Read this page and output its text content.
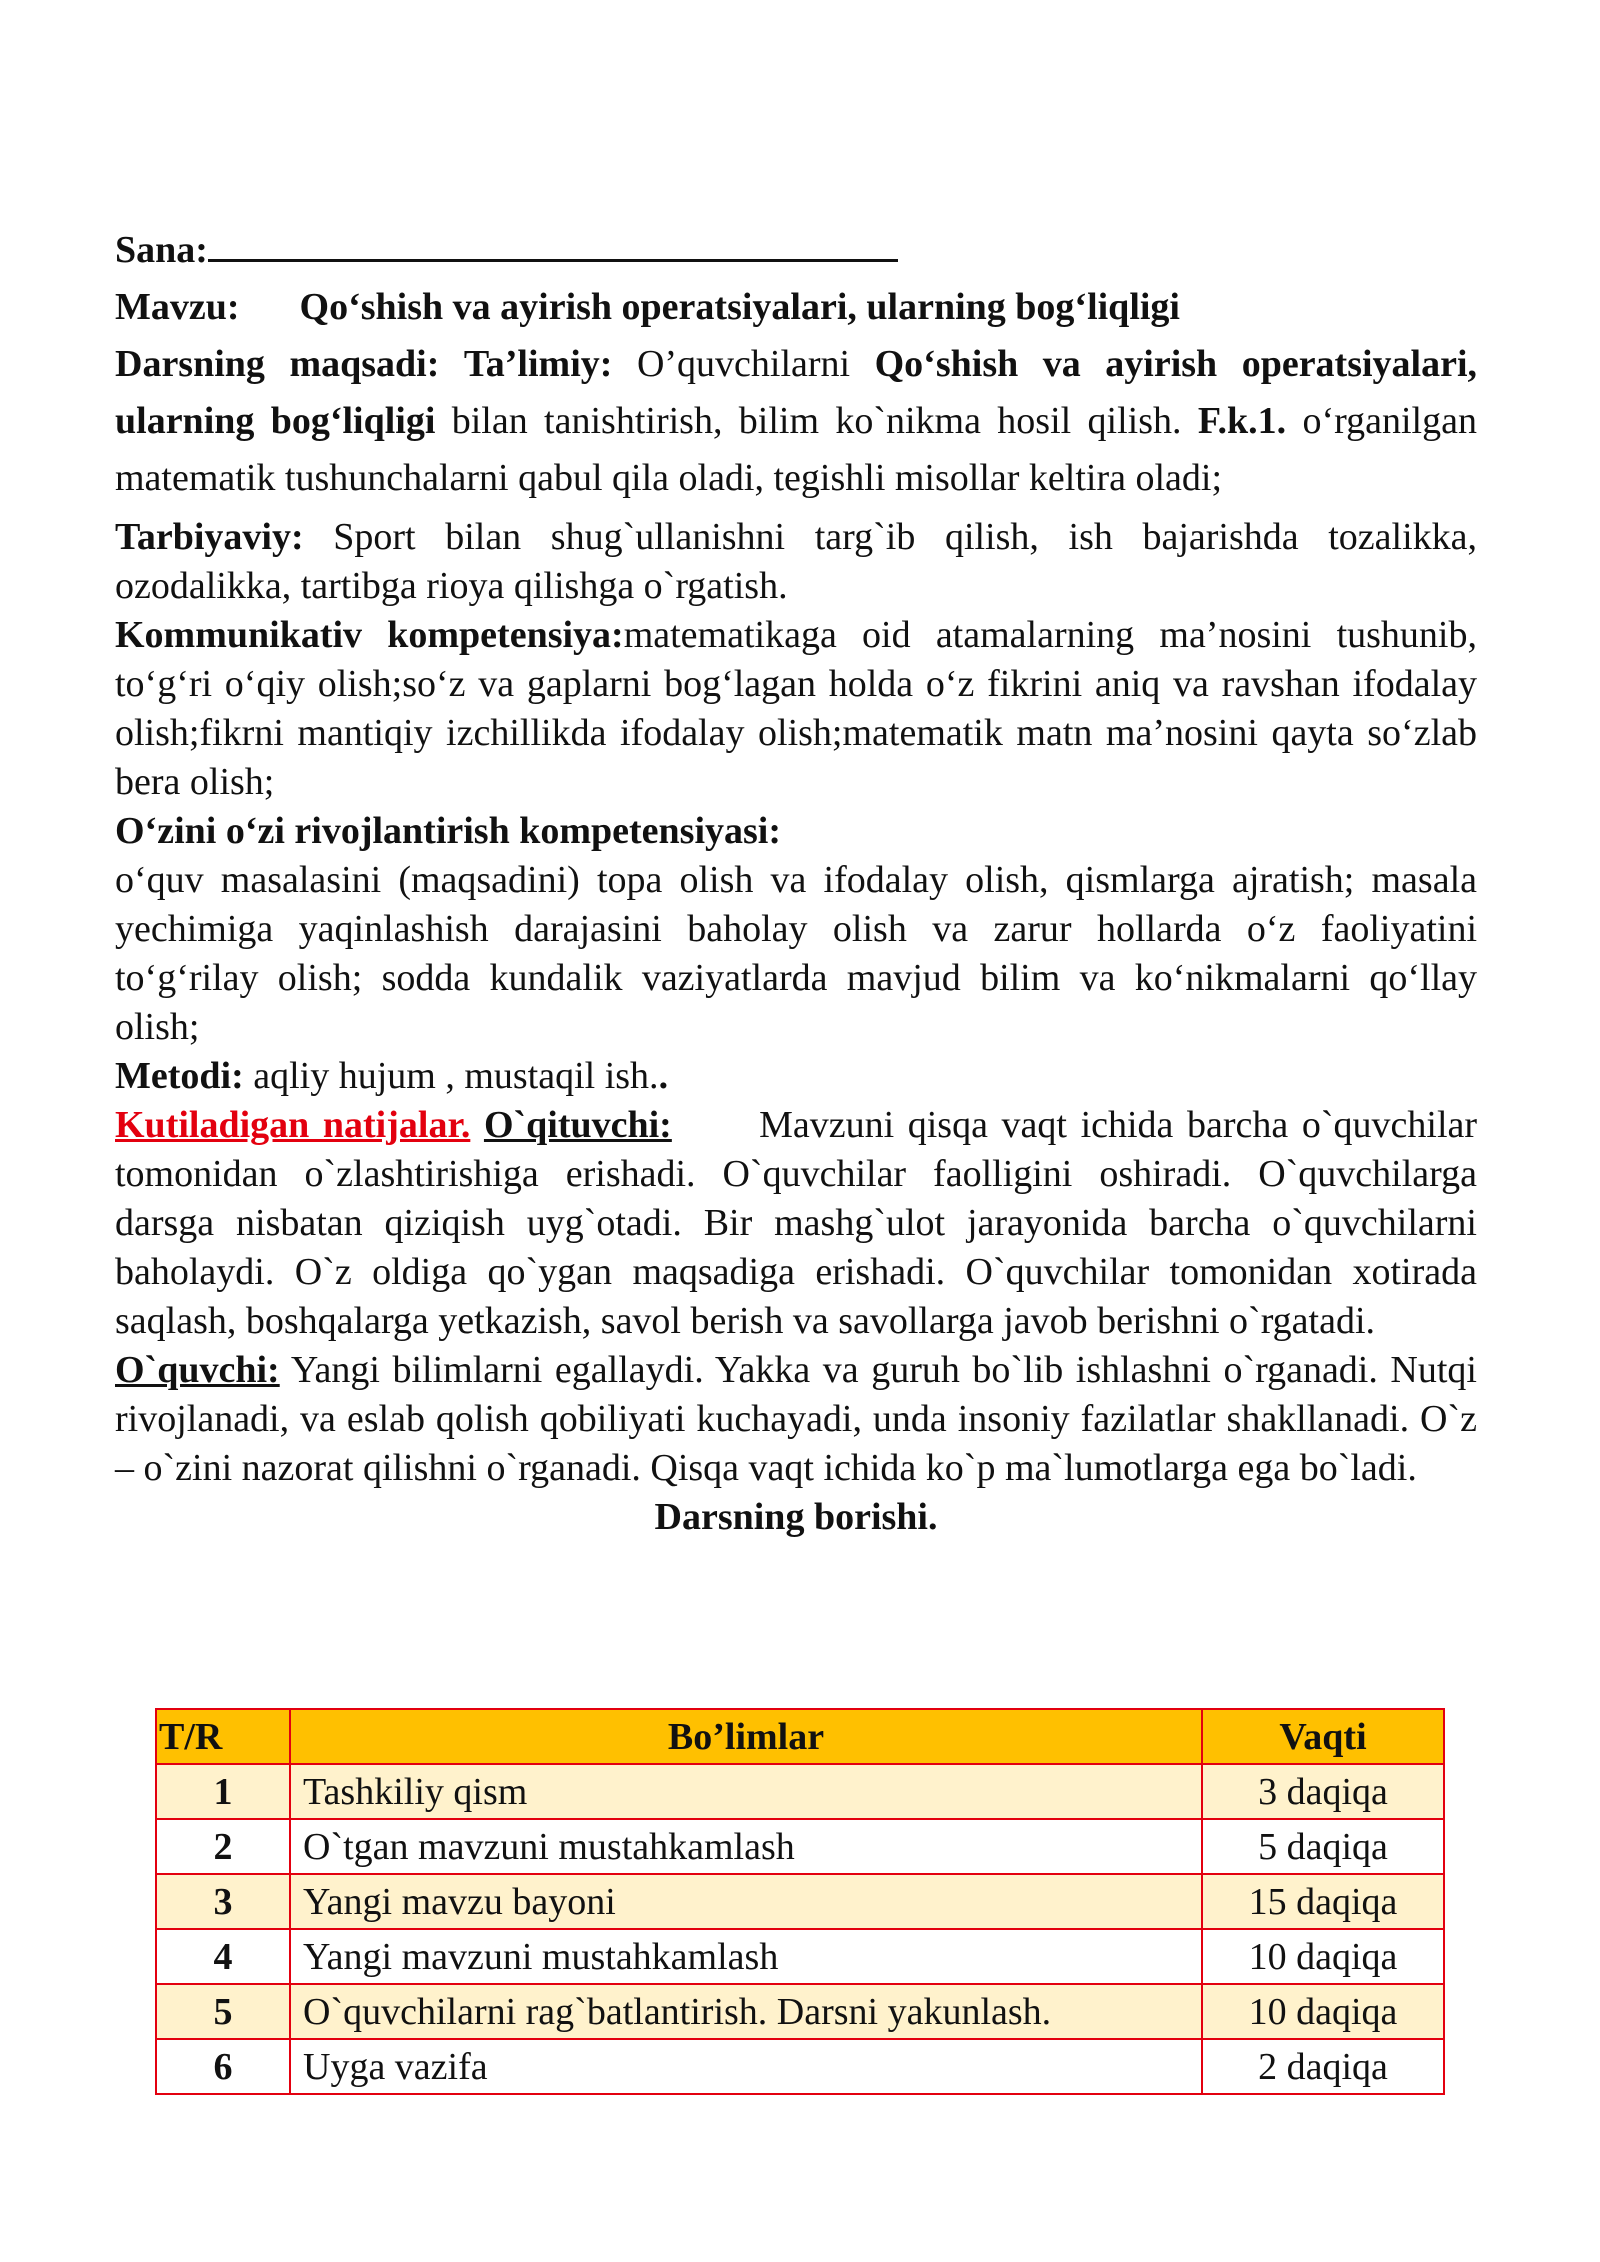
Sana:

Mavzu: Qo‘shish va ayirish operatsiyalari, ularning bog‘liqligi

Darsning maqsadi: Ta’limiy: O’quvchilarni Qo‘shish va ayirish operatsiyalari, ularning bog‘liqligi bilan tanishtirish, bilim ko`nikma hosil qilish. F.k.1. o‘rganilgan matematik tushunchalarni qabul qila oladi, tegishli misollar keltira oladi;

Tarbiyaviy: Sport bilan shug`ullanishni targ`ib qilish, ish bajarishda tozalikka, ozodalikka, tartibga rioya qilishga o`rgatish.

Kommunikativ kompetensiya:matematikaga oid atamalarning ma’nosini tushunib, to‘g‘ri o‘qiy olish;so‘z va gaplarni bog‘lagan holda o‘z fikrini aniq va ravshan ifodalay olish;fikrni mantiqiy izchillikda ifodalay olish;matematik matn ma’nosini qayta so‘zlab bera olish;

O‘zini o‘zi rivojlantirish kompetensiyasi:

o‘quv masalasini (maqsadini) topa olish va ifodalay olish, qismlarga ajratish; masala yechimiga yaqinlashish darajasini baholay olish va zarur hollarda o‘z faoliyatini to‘g‘rilay olish; sodda kundalik vaziyatlarda mavjud bilim va ko‘nikmalarni qo‘llay olish;

Metodi: aqliy hujum , mustaqil ish..

Kutiladigan natijalar. O`qituvchi: Mavzuni qisqa vaqt ichida barcha o`quvchilar tomonidan o`zlashtirishiga erishadi. O`quvchilar faolligini oshiradi. O`quvchilarga darsga nisbatan qiziqish uyg`otadi. Bir mashg`ulot jarayonida barcha o`quvchilarni baholaydi. O`z oldiga qo`ygan maqsadiga erishadi. O`quvchilar tomonidan xotirada saqlash, boshqalarga yetkazish, savol berish va savollarga javob berishni o`rgatadi.

O`quvchi: Yangi bilimlarni egallaydi. Yakka va guruh bo`lib ishlashni o`rganadi. Nutqi rivojlanadi, va eslab qolish qobiliyati kuchayadi, unda insoniy fazilatlar shakllanadi. O`z – o`zini nazorat qilishni o`rganadi. Qisqa vaqt ichida ko`p ma`lumotlarga ega bo`ladi.

Darsning borishi.

T/R	Bo’limlar	Vaqti
1	Tashkiliy qism	3 daqiqa
2	O`tgan mavzuni mustahkamlash	5 daqiqa
3	Yangi mavzu bayoni	15 daqiqa
4	Yangi mavzuni mustahkamlash	10 daqiqa
5	O`quvchilarni rag`batlantirish. Darsni yakunlash.	10 daqiqa
6	Uyga vazifa	2 daqiqa
